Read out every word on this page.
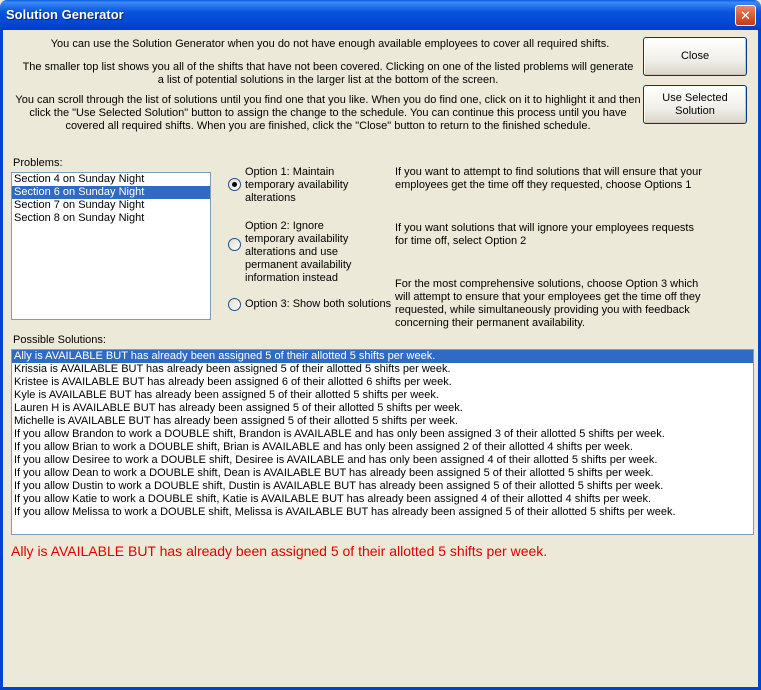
Solution Generator	✕
You can use the Solution Generator when you do not have enough available employees to cover all required shifts.
The smaller top list shows you all of the shifts that have not been covered. Clicking on one of the listed problems will generate a list of potential solutions in the larger list at the bottom of the screen.
You can scroll through the list of solutions until you find one that you like. When you do find one, click on it to highlight it and then click the "Use Selected Solution" button to assign the change to the schedule. You can continue this process until you have covered all required shifts. When you are finished, click the "Close" button to return to the finished schedule.
Close
Use Selected Solution
Problems:
Section 4 on Sunday Night
Section 6 on Sunday Night
Section 7 on Sunday Night
Section 8 on Sunday Night
Option 1: Maintain temporary availability alterations
If you want to attempt to find solutions that will ensure that your employees get the time off they requested, choose Options 1
Option 2: Ignore temporary availability alterations and use permanent availability information instead
If you want solutions that will ignore your employees requests for time off, select Option 2
Option 3: Show both solutions
For the most comprehensive solutions, choose Option 3 which will attempt to ensure that your employees get the time off they requested, while simultaneously providing you with feedback concerning their permanent availability.
Possible Solutions:
Ally is AVAILABLE BUT has already been assigned 5 of their allotted 5 shifts per week.
Krissia is AVAILABLE BUT has already been assigned 5 of their allotted 5 shifts per week.
Kristee is AVAILABLE BUT has already been assigned 6 of their allotted 6 shifts per week.
Kyle is AVAILABLE BUT has already been assigned 5 of their allotted 5 shifts per week.
Lauren H is AVAILABLE BUT has already been assigned 5 of their allotted 5 shifts per week.
Michelle is AVAILABLE BUT has already been assigned 5 of their allotted 5 shifts per week.
If you allow Brandon to work a DOUBLE shift, Brandon is AVAILABLE and has only been assigned 3 of their allotted 5 shifts per week.
If you allow Brian to work a DOUBLE shift, Brian is AVAILABLE and has only been assigned 2 of their allotted 4 shifts per week.
If you allow Desiree to work a DOUBLE shift, Desiree is AVAILABLE and has only been assigned 4 of their allotted 5 shifts per week.
If you allow Dean to work a DOUBLE shift, Dean is AVAILABLE BUT has already been assigned 5 of their allotted 5 shifts per week.
If you allow Dustin to work a DOUBLE shift, Dustin is AVAILABLE BUT has already been assigned 5 of their allotted 5 shifts per week.
If you allow Katie to work a DOUBLE shift, Katie is AVAILABLE BUT has already been assigned 4 of their allotted 4 shifts per week.
If you allow Melissa to work a DOUBLE shift, Melissa is AVAILABLE BUT has already been assigned 5 of their allotted 5 shifts per week.
Ally is AVAILABLE BUT has already been assigned 5 of their allotted 5 shifts per week.
